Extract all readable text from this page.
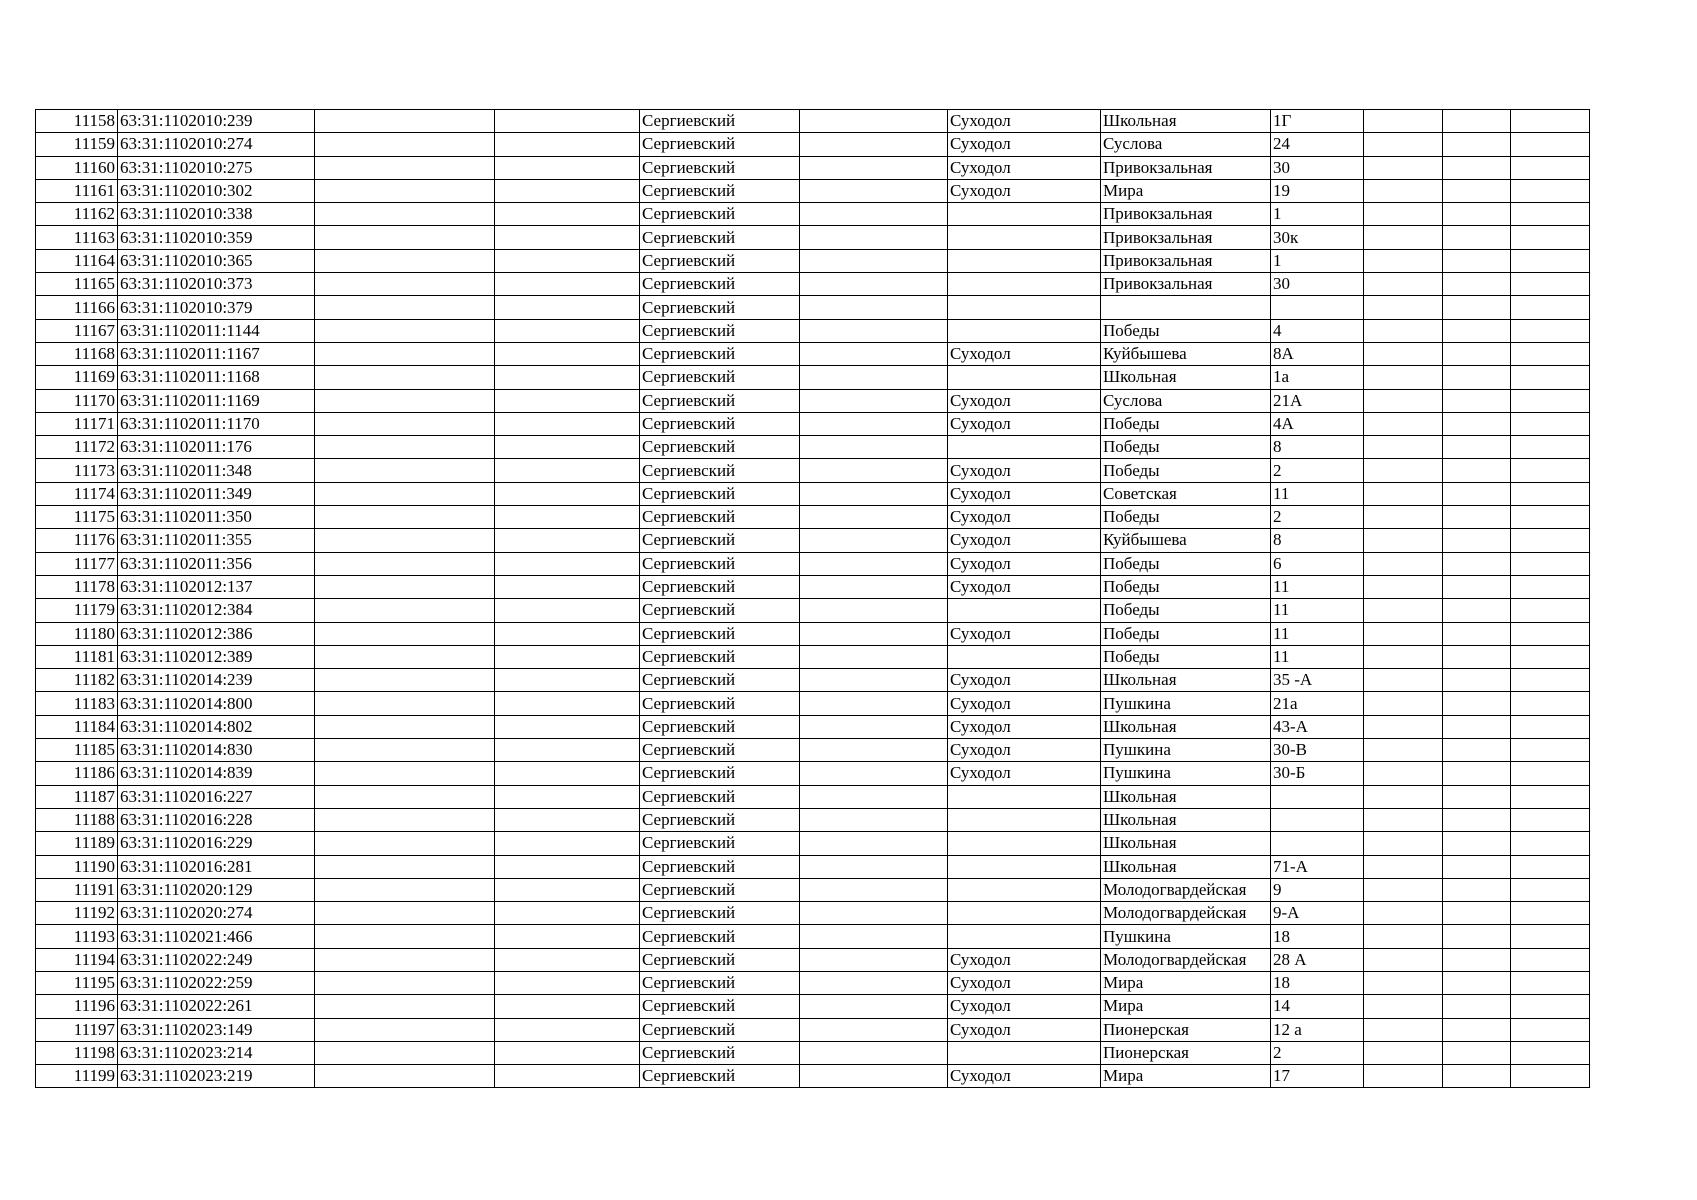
11158	63:31:1102010:239			Сергиевский		Суходол	Школьная	1Г			
11159	63:31:1102010:274			Сергиевский		Суходол	Суслова	24			
11160	63:31:1102010:275			Сергиевский		Суходол	Привокзальная	30			
11161	63:31:1102010:302			Сергиевский		Суходол	Мира	19			
11162	63:31:1102010:338			Сергиевский			Привокзальная	1			
11163	63:31:1102010:359			Сергиевский			Привокзальная	30к			
11164	63:31:1102010:365			Сергиевский			Привокзальная	1			
11165	63:31:1102010:373			Сергиевский			Привокзальная	30			
11166	63:31:1102010:379			Сергиевский							
11167	63:31:1102011:1144			Сергиевский			Победы	4			
11168	63:31:1102011:1167			Сергиевский		Суходол	Куйбышева	8А			
11169	63:31:1102011:1168			Сергиевский			Школьная	1а			
11170	63:31:1102011:1169			Сергиевский		Суходол	Суслова	21А			
11171	63:31:1102011:1170			Сергиевский		Суходол	Победы	4А			
11172	63:31:1102011:176			Сергиевский			Победы	8			
11173	63:31:1102011:348			Сергиевский		Суходол	Победы	2			
11174	63:31:1102011:349			Сергиевский		Суходол	Советская	11			
11175	63:31:1102011:350			Сергиевский		Суходол	Победы	2			
11176	63:31:1102011:355			Сергиевский		Суходол	Куйбышева	8			
11177	63:31:1102011:356			Сергиевский		Суходол	Победы	6			
11178	63:31:1102012:137			Сергиевский		Суходол	Победы	11			
11179	63:31:1102012:384			Сергиевский			Победы	11			
11180	63:31:1102012:386			Сергиевский		Суходол	Победы	11			
11181	63:31:1102012:389			Сергиевский			Победы	11			
11182	63:31:1102014:239			Сергиевский		Суходол	Школьная	35 -А			
11183	63:31:1102014:800			Сергиевский		Суходол	Пушкина	21а			
11184	63:31:1102014:802			Сергиевский		Суходол	Школьная	43-А			
11185	63:31:1102014:830			Сергиевский		Суходол	Пушкина	30-В			
11186	63:31:1102014:839			Сергиевский		Суходол	Пушкина	30-Б			
11187	63:31:1102016:227			Сергиевский			Школьная				
11188	63:31:1102016:228			Сергиевский			Школьная				
11189	63:31:1102016:229			Сергиевский			Школьная				
11190	63:31:1102016:281			Сергиевский			Школьная	71-А			
11191	63:31:1102020:129			Сергиевский			Молодогвардейская	9			
11192	63:31:1102020:274			Сергиевский			Молодогвардейская	9-А			
11193	63:31:1102021:466			Сергиевский			Пушкина	18			
11194	63:31:1102022:249			Сергиевский		Суходол	Молодогвардейская	28 А			
11195	63:31:1102022:259			Сергиевский		Суходол	Мира	18			
11196	63:31:1102022:261			Сергиевский		Суходол	Мира	14			
11197	63:31:1102023:149			Сергиевский		Суходол	Пионерская	12 а			
11198	63:31:1102023:214			Сергиевский			Пионерская	2			
11199	63:31:1102023:219			Сергиевский		Суходол	Мира	17			
